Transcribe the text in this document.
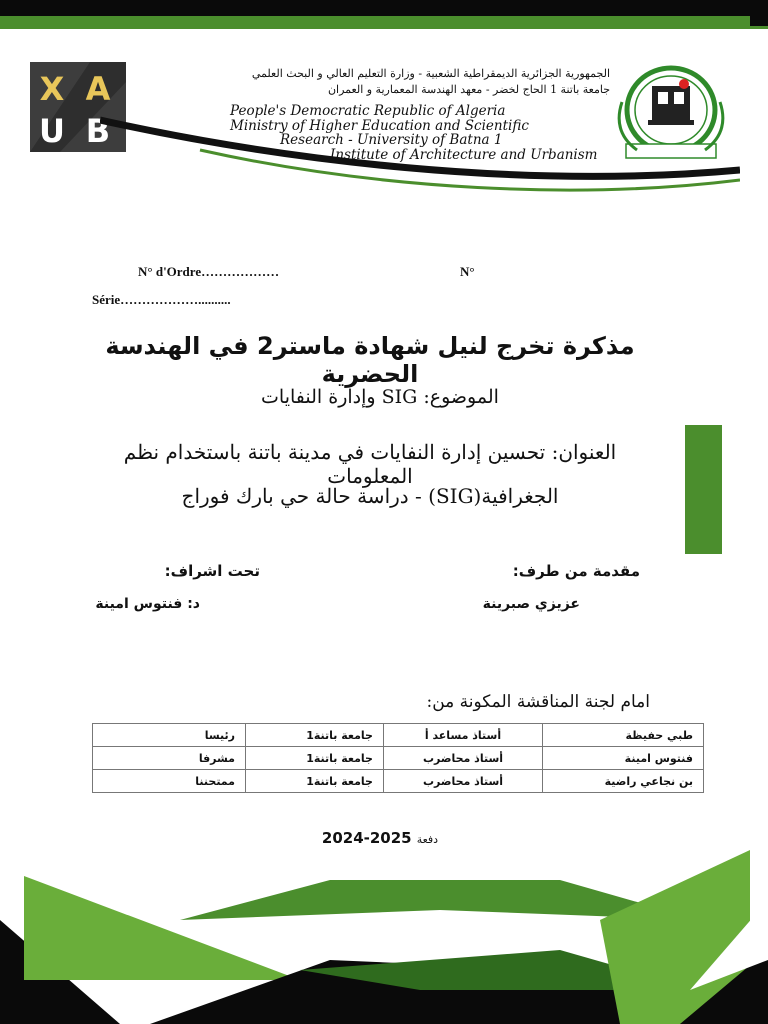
X A
U B
الجمهورية الجزائرية الديمقراطية الشعبية - وزارة التعليم العالي و البحث العلمي
جامعة باتنة 1 الحاج لخضر - معهد الهندسة المعمارية و العمران
People's Democratic Republic of Algeria
Ministry of Higher Education and Scientific
Research - University of Batna 1
Institute of Architecture and Urbanism
N° d'Ordre………………	N°
Série………………..........
مذكرة تخرج لنيل شهادة ماستر2 في الهندسة الحضرية
الموضوع: SIG وإدارة النفايات
العنوان: تحسين إدارة النفايات في مدينة باتنة باستخدام نظم المعلومات
الجغرافية(SIG) - دراسة حالة حي بارك فوراج
مقدمة من طرف:
تحت اشراف:
عزيزي صبرينة
د: فنتوس امينة
امام لجنة المناقشة المكونة من:
طبي حفيظة	أستاذ مساعد أ	جامعة باتنة1	رئيسا
فنتوس امينة	أستاذ محاضرب	جامعة باتنة1	مشرفا
بن نجاعي راضية	أستاذ محاضرب	جامعة باتنة1	ممتحننا
دفعة 2025-2024
